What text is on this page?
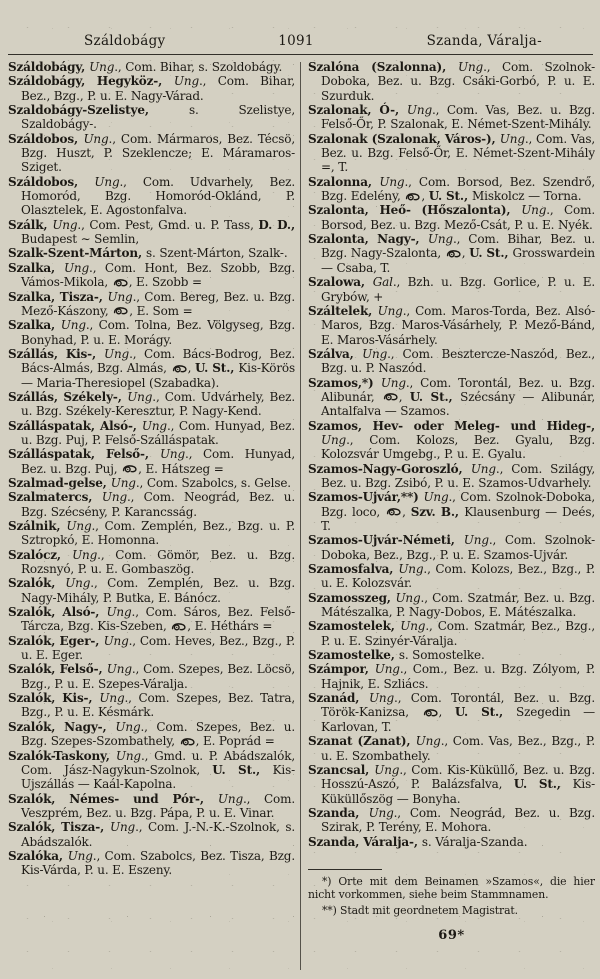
Száldobágy	1091	Szanda, Váralja-

Száldobágy, Ung., Com. Bihar, s. Szoldobágy.

Száldobágy, Hegyköz-, Ung., Com. Bihar, Bez., Bzg., P. u. E. Nagy-Várad.

Szaldobágy-Szelistye, s. Szelistye, Szaldobágy-.

Száldobos, Ung., Com. Mármaros, Bez. Técsö, Bzg. Huszt, P. Szeklencze; E. Máramaros-Sziget.

Száldobos, Ung., Com. Udvarhely, Bez. Homoród, Bzg. Homoród-Oklánd, P. Olasztelek, E. Agostonfalva.

Szálk, Ung., Com. Pest, Gmd. u. P. Tass, D. D., Budapest ∼ Semlin,

Szalk-Szent-Márton, s. Szent-Márton, Szalk-.

Szalka, Ung., Com. Hont, Bez. Szobb, Bzg. Vámos-Mikola, , E. Szobb =

Szalka, Tisza-, Ung., Com. Bereg, Bez. u. Bzg. Mező-Kászony, , E. Som =

Szalka, Ung., Com. Tolna, Bez. Völgyseg, Bzg. Bonyhad, P. u. E. Morágy.

Szállás, Kis-, Ung., Com. Bács-Bodrog, Bez. Bács-Almás, Bzg. Almás, , U. St., Kis-Körös — Maria-Theresiopel (Szabadka).

Szállás, Székely-, Ung., Com. Udvárhely, Bez. u. Bzg. Székely-Keresztur, P. Nagy-Kend.

Szálláspatak, Alsó-, Ung., Com. Hunyad, Bez. u. Bzg. Puj, P. Felső-Szálláspatak.

Szálláspatak, Felső-, Ung., Com. Hunyad, Bez. u. Bzg. Puj, , E. Hátszeg =

Szalmad-gelse, Ung., Com. Szabolcs, s. Gelse.

Szalmatercs, Ung., Com. Neográd, Bez. u. Bzg. Szécsény, P. Karancsság.

Szálnik, Ung., Com. Zemplén, Bez., Bzg. u. P. Sztropkó, E. Homonna.

Szalócz, Ung., Com. Gömör, Bez. u. Bzg. Rozsnyó, P. u. E. Gombaszög.

Szalók, Ung., Com. Zemplén, Bez. u. Bzg. Nagy-Mihály, P. Butka, E. Bánócz.

Szalók, Alsó-, Ung., Com. Sáros, Bez. Felső-Tárcza, Bzg. Kis-Szeben, , E. Héthárs =

Szalók, Eger-, Ung., Com. Heves, Bez., Bzg., P. u. E. Eger.

Szalók, Felső-, Ung., Com. Szepes, Bez. Löcsö, Bzg., P. u. E. Szepes-Váralja.

Szalók, Kis-, Ung., Com. Szepes, Bez. Tatra, Bzg., P. u. E. Késmárk.

Szalók, Nagy-, Ung., Com. Szepes, Bez. u. Bzg. Szepes-Szombathely, , E. Poprád =

Szalók-Taskony, Ung., Gmd. u. P. Abádszalók, Com. Jász-Nagykun-Szolnok, U. St., Kis-Ujszállás — Kaál-Kapolna.

Szalók, Némes- und Pór-, Ung., Com. Veszprém, Bez. u. Bzg. Pápa, P. u. E. Vinar.

Szalók, Tisza-, Ung., Com. J.-N.-K.-Szolnok, s. Abádszalók.

Szalóka, Ung., Com. Szabolcs, Bez. Tisza, Bzg. Kis-Várda, P. u. E. Eszeny.

Szalóna (Szalonna), Ung., Com. Szolnok-Doboka, Bez. u. Bzg. Csáki-Gorbó, P. u. E. Szurduk.

Szalonak, Ó-, Ung., Com. Vas, Bez. u. Bzg. Felső-Őr, P. Szalonak, E. Német-Szent-Mihály.

Szalonak (Szalonak, Város-), Ung., Com. Vas, Bez. u. Bzg. Felső-Őr, E. Német-Szent-Mihály =, T.

Szalonna, Ung., Com. Borsod, Bez. Szendrő, Bzg. Edelény, , U. St., Miskolcz — Torna.

Szalonta, Heő- (Hőszalonta), Ung., Com. Borsod, Bez. u. Bzg. Mező-Csát, P. u. E. Nyék.

Szalonta, Nagy-, Ung., Com. Bihar, Bez. u. Bzg. Nagy-Szalonta, , U. St., Grosswardein — Csaba, T.

Szalowa, Gal., Bzh. u. Bzg. Gorlice, P. u. E. Grybów, +

Száltelek, Ung., Com. Maros-Torda, Bez. Alsó-Maros, Bzg. Maros-Vásárhely, P. Mező-Bánd, E. Maros-Vásárhely.

Szálva, Ung., Com. Besztercze-Naszód, Bez., Bzg. u. P. Naszód.

Szamos,*) Ung., Com. Torontál, Bez. u. Bzg. Alibunár, , U. St., Szécsány — Alibunár, Antalfalva — Szamos.

Szamos, Hev- oder Meleg- und Hideg-, Ung., Com. Kolozs, Bez. Gyalu, Bzg. Kolozsvár Umgebg., P. u. E. Gyalu.

Szamos-Nagy-Goroszló, Ung., Com. Szilágy, Bez. u. Bzg. Zsibó, P. u. E. Szamos-Udvarhely.

Szamos-Ujvár,**) Ung., Com. Szolnok-Doboka, Bzg. loco, , Szv. B., Klausenburg — Deés, T.

Szamos-Ujvár-Németi, Ung., Com. Szolnok-Doboka, Bez., Bzg., P. u. E. Szamos-Ujvár.

Szamosfalva, Ung., Com. Kolozs, Bez., Bzg., P. u. E. Kolozsvár.

Szamosszeg, Ung., Com. Szatmár, Bez. u. Bzg. Mátészalka, P. Nagy-Dobos, E. Mátészalka.

Szamostelek, Ung., Com. Szatmár, Bez., Bzg., P. u. E. Szinyér-Váralja.

Szamostelke, s. Somostelke.

Számpor, Ung., Com., Bez. u. Bzg. Zólyom, P. Hajnik, E. Szliács.

Szanád, Ung., Com. Torontál, Bez. u. Bzg. Török-Kanizsa, , U. St., Szegedin — Karlovan, T.

Szanat (Zanat), Ung., Com. Vas, Bez., Bzg., P. u. E. Szombathely.

Szancsal, Ung., Com. Kis-Küküllő, Bez. u. Bzg. Hosszú-Aszó, P. Balázsfalva, U. St., Kis-Küküllőszög — Bonyha.

Szanda, Ung., Com. Neográd, Bez. u. Bzg. Szirak, P. Terény, E. Mohora.

Szanda, Váralja-, s. Váralja-Szanda.

*) Orte mit dem Beinamen »Szamos«, die hier nicht vorkommen, siehe beim Stammnamen.

**) Stadt mit geordnetem Magistrat.

69*
